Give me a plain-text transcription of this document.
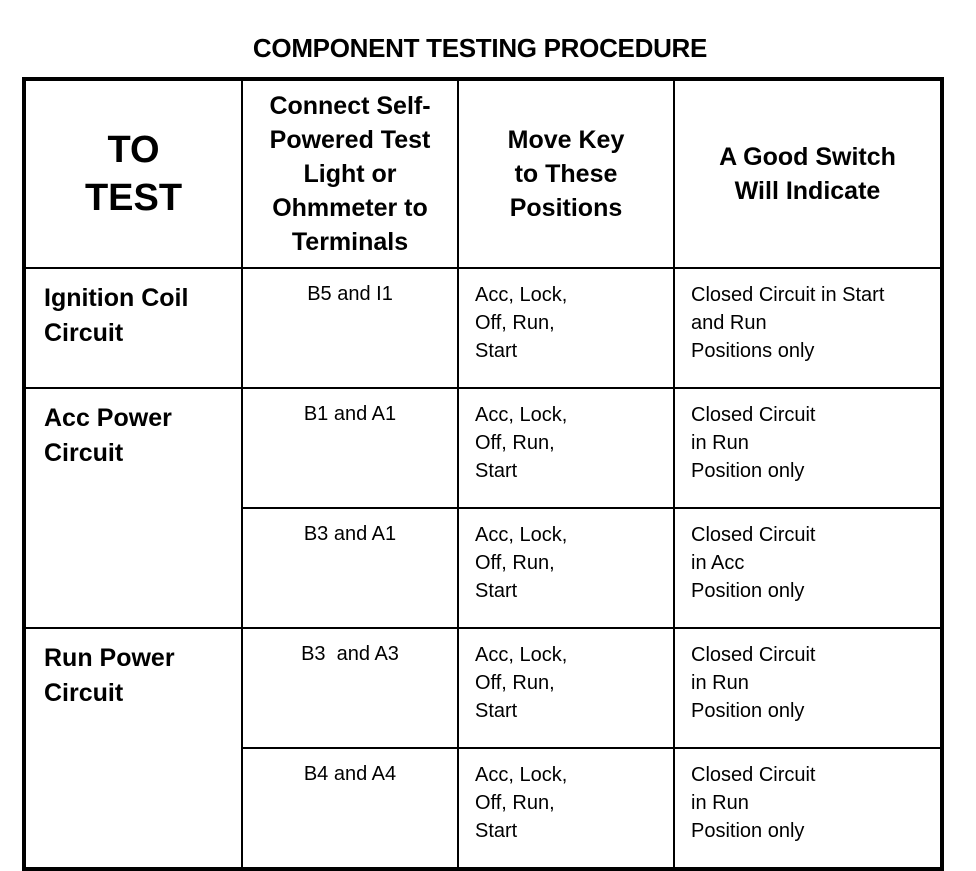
COMPONENT TESTING PROCEDURE
TO
TEST	Connect Self-
Powered Test
Light or
Ohmmeter to
Terminals	Move Key
to These
Positions	A Good Switch
Will Indicate

Ignition Coil
Circuit	B5 and I1	Acc, Lock,
Off, Run,
Start	Closed Circuit in Start
and Run
Positions only

Acc Power
Circuit	B1 and A1	Acc, Lock,
Off, Run,
Start	Closed Circuit
in Run
Position only

	B3 and A1	Acc, Lock,
Off, Run,
Start	Closed Circuit
in Acc
Position only

Run Power
Circuit	B3  and A3	Acc, Lock,
Off, Run,
Start	Closed Circuit
in Run
Position only

	B4 and A4	Acc, Lock,
Off, Run,
Start	Closed Circuit
in Run
Position only
